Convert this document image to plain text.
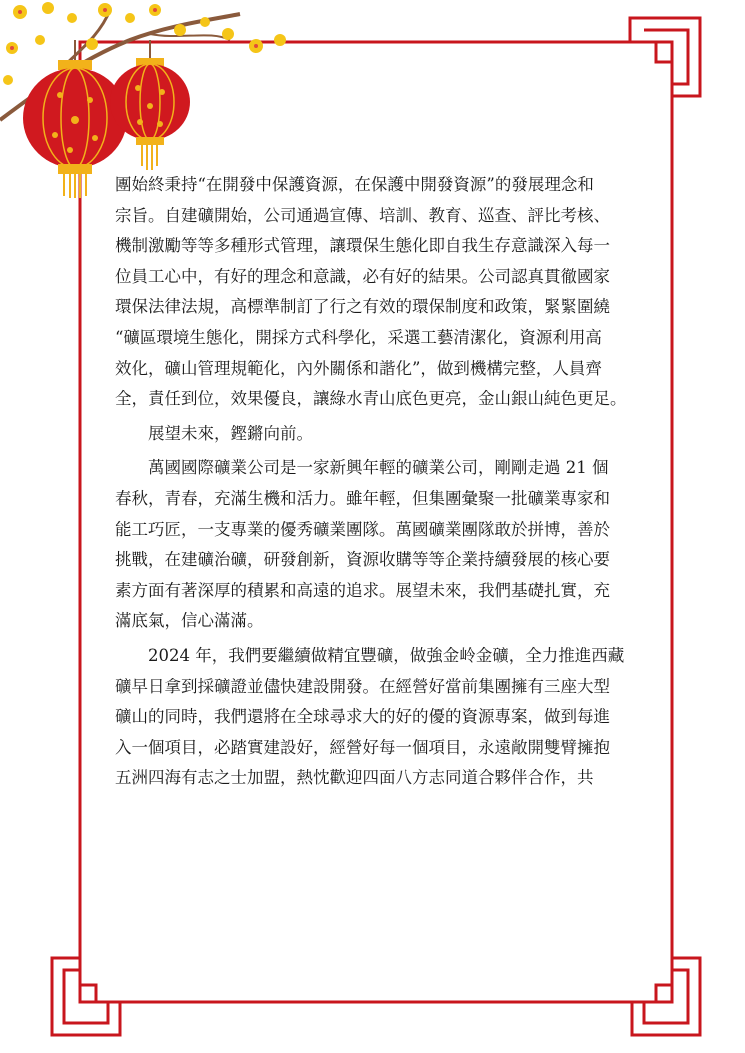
團始終秉持“在開發中保護資源，在保護中開發資源”的發展理念和
宗旨。自建礦開始，公司通過宣傳、培訓、教育、巡查、評比考核、
機制激勵等等多種形式管理，讓環保生態化即自我生存意識深入每一
位員工心中，有好的理念和意識，必有好的結果。公司認真貫徹國家
環保法律法規，高標準制訂了行之有效的環保制度和政策，緊緊圍繞
“礦區環境生態化，開採方式科學化，采選工藝清潔化，資源利用高
效化，礦山管理規範化，內外關係和諧化”，做到機構完整，人員齊
全，責任到位，效果優良，讓綠水青山底色更亮，金山銀山純色更足。
展望未來，鏗鏘向前。
萬國國際礦業公司是一家新興年輕的礦業公司，剛剛走過 21 個
春秋，青春，充滿生機和活力。雖年輕，但集團彙聚一批礦業專家和
能工巧匠，一支專業的優秀礦業團隊。萬國礦業團隊敢於拼博，善於
挑戰，在建礦治礦，研發創新，資源收購等等企業持續發展的核心要
素方面有著深厚的積累和高遠的追求。展望未來，我們基礎扎實，充
滿底氣，信心滿滿。
2024 年，我們要繼續做精宜豐礦，做強金岭金礦，全力推進西藏
礦早日拿到採礦證並儘快建設開發。在經營好當前集團擁有三座大型
礦山的同時，我們還將在全球尋求大的好的優的資源專案，做到每進
入一個項目，必踏實建設好，經營好每一個項目，永遠敞開雙臂擁抱
五洲四海有志之士加盟，熱忱歡迎四面八方志同道合夥伴合作，共
